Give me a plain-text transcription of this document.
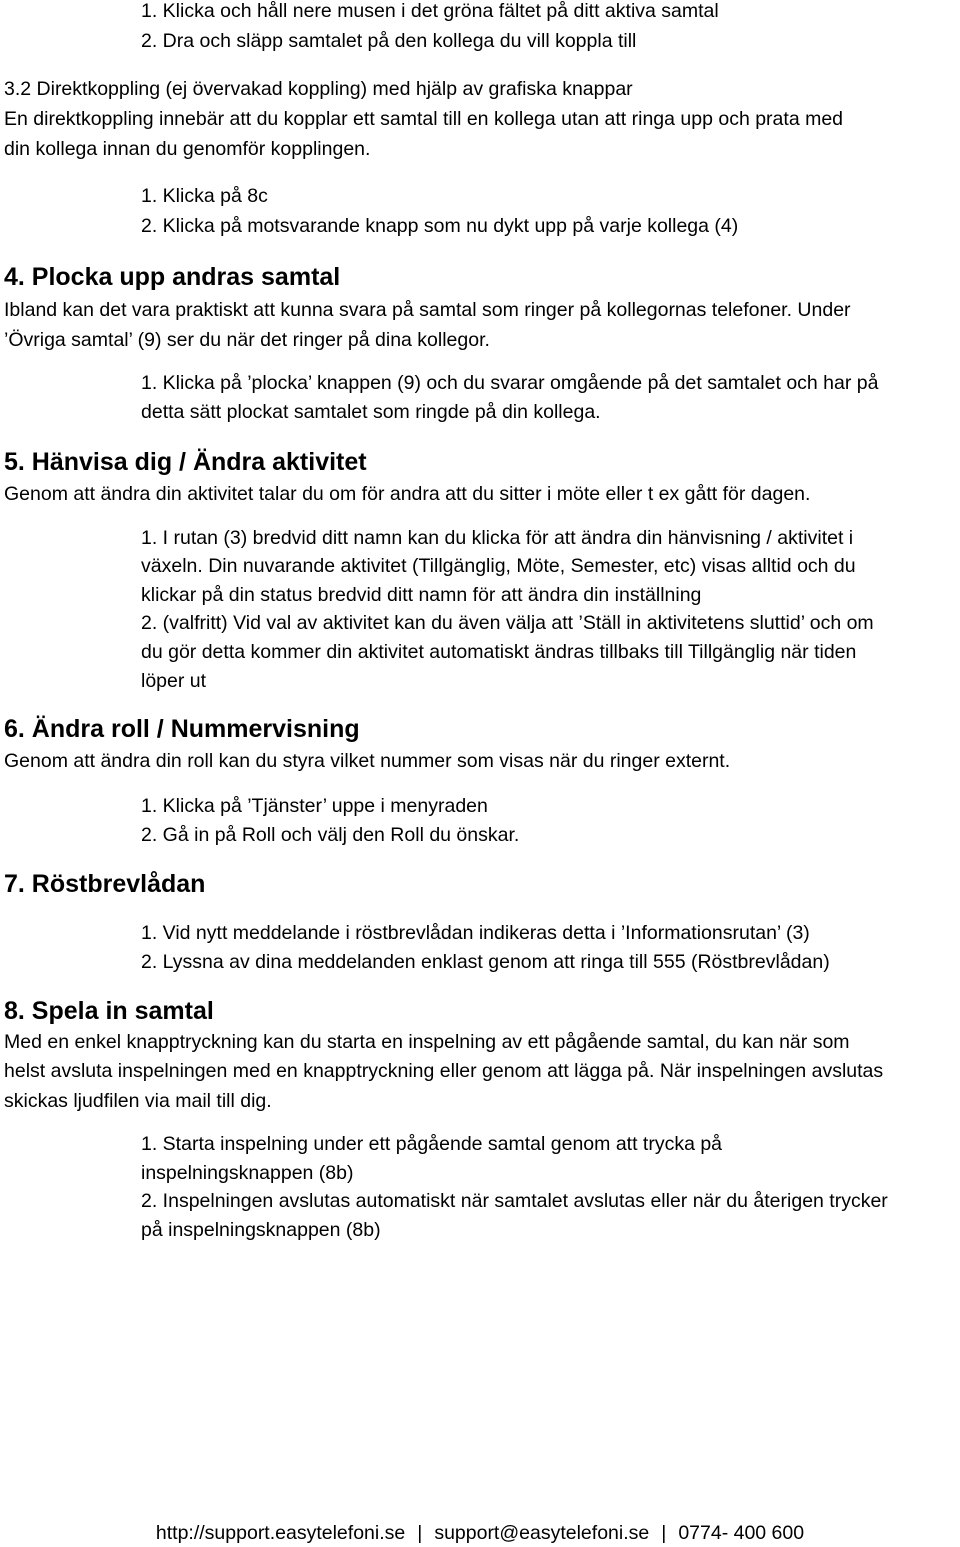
1. Klicka och håll nere musen i det gröna fältet på ditt aktiva samtal

2. Dra och släpp samtalet på den kollega du vill koppla till

3.2 Direktkoppling (ej övervakad koppling) med hjälp av grafiska knappar

En direktkoppling innebär att du kopplar ett samtal till en kollega utan att ringa upp och prata med

din kollega innan du genomför kopplingen.

1. Klicka på 8c

2. Klicka på motsvarande knapp som nu dykt upp på varje kollega (4)

4. Plocka upp andras samtal

Ibland kan det vara praktiskt att kunna svara på samtal som ringer på kollegornas telefoner. Under

’Övriga samtal’ (9) ser du när det ringer på dina kollegor.

1. Klicka på ’plocka’ knappen (9) och du svarar omgående på det samtalet och har på

detta sätt plockat samtalet som ringde på din kollega.

5. Hänvisa dig / Ändra aktivitet

Genom att ändra din aktivitet talar du om för andra att du sitter i möte eller t ex gått för dagen.

1. I rutan (3) bredvid ditt namn kan du klicka för att ändra din hänvisning / aktivitet i

växeln. Din nuvarande aktivitet (Tillgänglig, Möte, Semester, etc) visas alltid och du

klickar på din status bredvid ditt namn för att ändra din inställning

2. (valfritt) Vid val av aktivitet kan du även välja att ’Ställ in aktivitetens sluttid’ och om

du gör detta kommer din aktivitet automatiskt ändras tillbaks till Tillgänglig när tiden

löper ut

6. Ändra roll / Nummervisning

Genom att ändra din roll kan du styra vilket nummer som visas när du ringer externt.

1. Klicka på ’Tjänster’ uppe i menyraden

2. Gå in på Roll och välj den Roll du önskar.

7. Röstbrevlådan

1. Vid nytt meddelande i röstbrevlådan indikeras detta i ’Informationsrutan’ (3)

2. Lyssna av dina meddelanden enklast genom att ringa till 555 (Röstbrevlådan)

8. Spela in samtal

Med en enkel knapptryckning kan du starta en inspelning av ett pågående samtal, du kan när som

helst avsluta inspelningen med en knapptryckning eller genom att lägga på. När inspelningen avslutas

skickas ljudfilen via mail till dig.

1. Starta inspelning under ett pågående samtal genom att trycka på

inspelningsknappen (8b)

2. Inspelningen avslutas automatiskt när samtalet avslutas eller när du återigen trycker

på inspelningsknappen (8b)

http://support.easytelefoni.se | support@easytelefoni.se | 0774- 400 600
